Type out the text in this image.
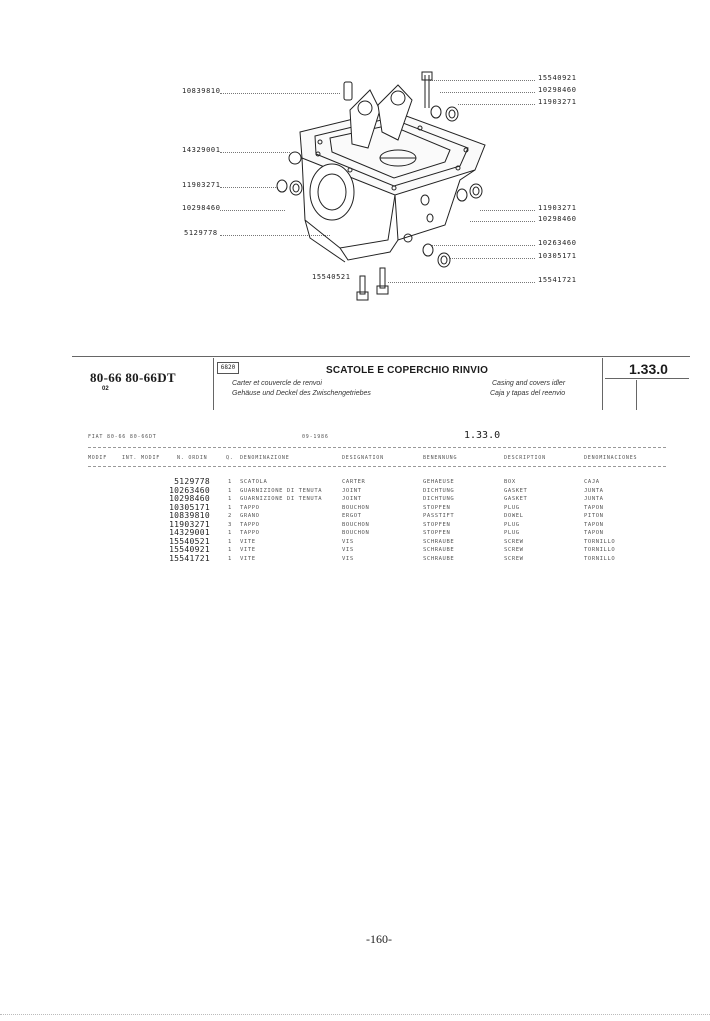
10839810
14329001
11903271
10298460
5129778
15540921
10298460
11903271
11903271
10298460
10263460
10305171
15541721
15540521
6820	SCATOLE E COPERCHIO RINVIO
80-66 80-66DT
02
Carter et couvercle de renvoi
Gehäuse und Deckel des Zwischengetriebes
Casing and covers idler
Caja y tapas del reenvio
1.33.0
FIAT 80-66 80-66DT	09-1986	1.33.0
MODIF	INT. MODIF	N. ORDIN	Q. DENOMINAZIONE	DESIGNATION	BENENNUNG	DESCRIPTION	DENOMINACIONES
5129778	1 SCATOLA	CARTER	GEHAEUSE	BOX	CAJA
10263460	1 GUARNIZIONE DI TENUTA	JOINT	DICHTUNG	GASKET	JUNTA
10298460	1 GUARNIZIONE DI TENUTA	JOINT	DICHTUNG	GASKET	JUNTA
10305171	1 TAPPO	BOUCHON	STOPFEN	PLUG	TAPON
10839810	2 GRANO	ERGOT	PASSTIFT	DOWEL	PITON
11903271	3 TAPPO	BOUCHON	STOPFEN	PLUG	TAPON
14329001	1 TAPPO	BOUCHON	STOPFEN	PLUG	TAPON
15540521	1 VITE	VIS	SCHRAUBE	SCREW	TORNILLO
15540921	1 VITE	VIS	SCHRAUBE	SCREW	TORNILLO
15541721	1 VITE	VIS	SCHRAUBE	SCREW	TORNILLO
-160-
